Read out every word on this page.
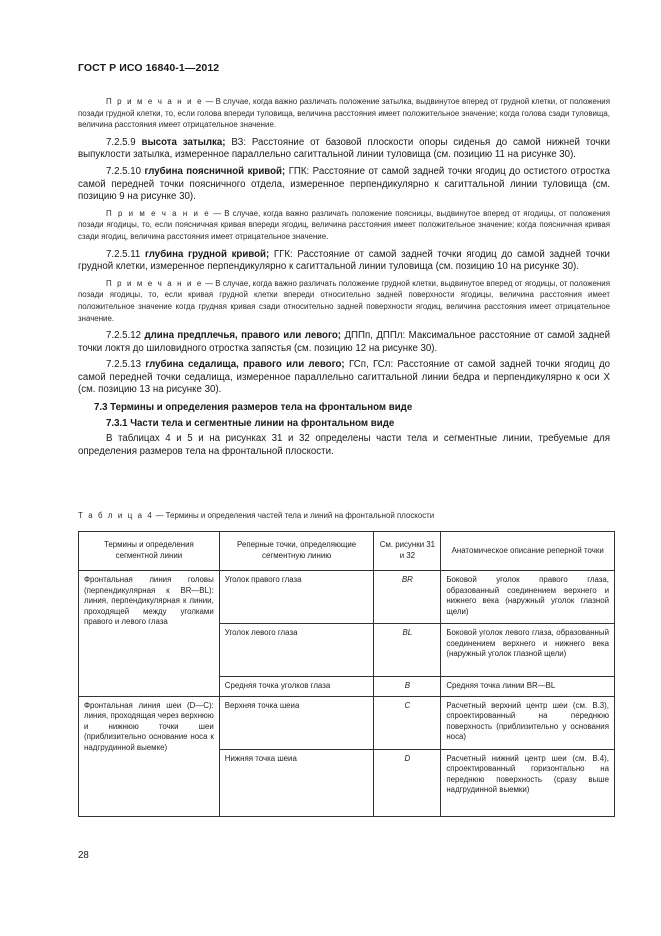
ГОСТ Р ИСО 16840-1—2012

П р и м е ч а н и е — В случае, когда важно различать положение затылка, выдвинутое вперед от грудной клетки, от положения позади грудной клетки, то, если голова впереди туловища, величина расстояния имеет положительное значение; когда голова сзади туловища, величина расстояния имеет отрицательное значение.

7.2.5.9 высота затылка; ВЗ: Расстояние от базовой плоскости опоры сиденья до самой нижней точки выпуклости затылка, измеренное параллельно сагиттальной линии туловища (см. позицию 11 на рисунке 30).

7.2.5.10 глубина поясничной кривой; ГПК: Расстояние от самой задней точки ягодиц до остистого отростка самой передней точки поясничного отдела, измеренное перпендикулярно к сагиттальной линии туловища (см. позицию 9 на рисунке 30).

П р и м е ч а н и е — В случае, когда важно различать положение поясницы, выдвинутое вперед от ягодицы, от положения позади ягодицы, то, если поясничная кривая впереди ягодиц, величина расстояния имеет положительное значение; когда поясничная кривая сзади ягодиц, величина расстояния имеет отрицательное значение.

7.2.5.11 глубина грудной кривой; ГГК: Расстояние от самой задней точки ягодиц до самой задней точки грудной клетки, измеренное перпендикулярно к сагиттальной линии туловища (см. позицию 10 на рисунке 30).

П р и м е ч а н и е — В случае, когда важно различать положение грудной клетки, выдвинутое вперед от ягодицы, от положения позади ягодицы, то, если кривая грудной клетки впереди относительно задней поверхности ягодицы, величина расстояния имеет положительное значение когда грудная кривая сзади относительно задней поверхности ягодиц, величина расстояния имеет отрицательное значение.

7.2.5.12 длина предплечья, правого или левого; ДППп, ДППл: Максимальное расстояние от самой задней точки локтя до шиловидного отростка запястья (см. позицию 12 на рисунке 30).

7.2.5.13 глубина седалища, правого или левого; ГСп, ГСл: Расстояние от самой задней точки ягодиц до самой передней точки седалища, измеренное параллельно сагиттальной линии бедра и перпендикулярно к оси X (см. позицию 13 на рисунке 30).

7.3 Термины и определения размеров тела на фронтальном виде
7.3.1 Части тела и сегментные линии на фронтальном виде

В таблицах 4 и 5 и на рисунках 31 и 32 определены части тела и сегментные линии, требуемые для определения размеров тела на фронтальной плоскости.

Т а б л и ц а 4 — Термины и определения частей тела и линий на фронтальной плоскости
Термины и определения сегментной линии	Реперные точки, определяющие сегментную линию	См. рисунки 31 и 32	Анатомическое описание реперной точки
Фронтальная линия головы (перпендикулярная к BR—BL): линия, перпендикулярная к линии, проходящей между уголками правого и левого глаза	Уголок правого глаза	BR	Боковой уголок правого глаза, образованный соединением верхнего и нижнего века (наружный уголок глазной щели)
	Уголок левого глаза	BL	Боковой уголок левого глаза, образованный соединением верхнего и нижнего века (наружный уголок глазной щели)
	Средняя точка уголков глаза	B	Средняя точка линии BR—BL
Фронтальная линия шеи (D—C): линия, проходящая через верхнюю и нижнюю точки шеи (приблизительно основание носа к надгрудинной выемке)	Верхняя точка шеиа	C	Расчетный верхний центр шеи (см. В.3), спроектированный на переднюю поверхность (приблизительно у основания носа)
	Нижняя точка шеиа	D	Расчетный нижний центр шеи (см. В.4), спроектированный горизонтально на переднюю поверхность (сразу выше надгрудинной выемки)
28
